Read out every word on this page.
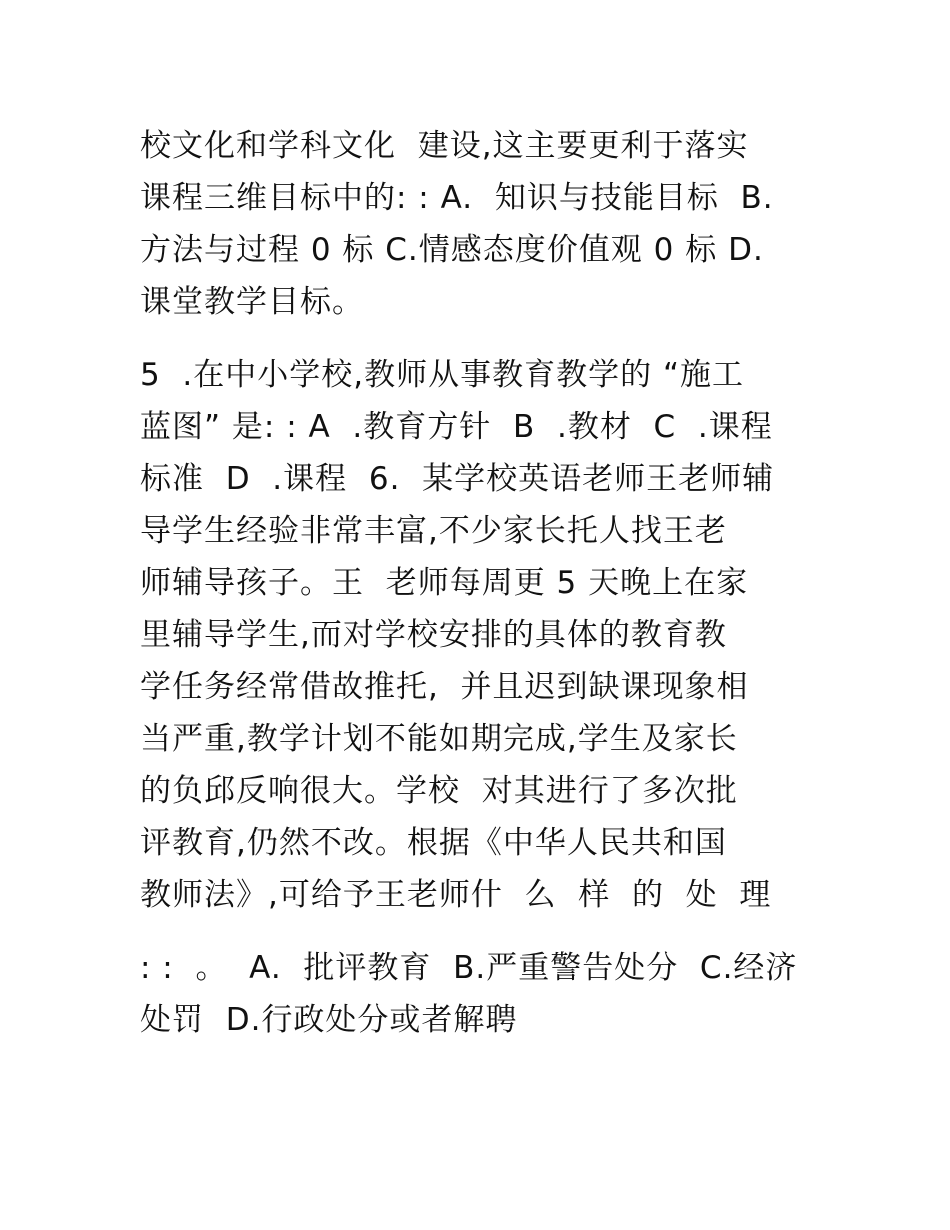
校文化和学科文化  建设,这主要更利于落实
课程三维目标中的: : A.  知识与技能目标  B.
方法与过程 0 标 C.情感态度价值观 0 标 D.
课堂教学目标。
5  .在中小学校,教师从事教育教学的 “施工
蓝图” 是: : A  .教育方针  B  .教材  C  .课程
标准  D  .课程  6.  某学校英语老师王老师辅
导学生经验非常丰富,不少家长托人找王老
师辅导孩子。王  老师每周更 5 天晚上在家
里辅导学生,而对学校安排的具体的教育教
学任务经常借故推托,  并且迟到缺课现象相
当严重,教学计划不能如期完成,学生及家长
的负邱反响很大。学校  对其进行了多次批
评教育,仍然不改。根据《中华人民共和国
教师法》,可给予王老师什  么  样  的  处  理
: :  。  A.  批评教育  B.严重警告处分  C.经济
处罚  D.行政处分或者解聘
